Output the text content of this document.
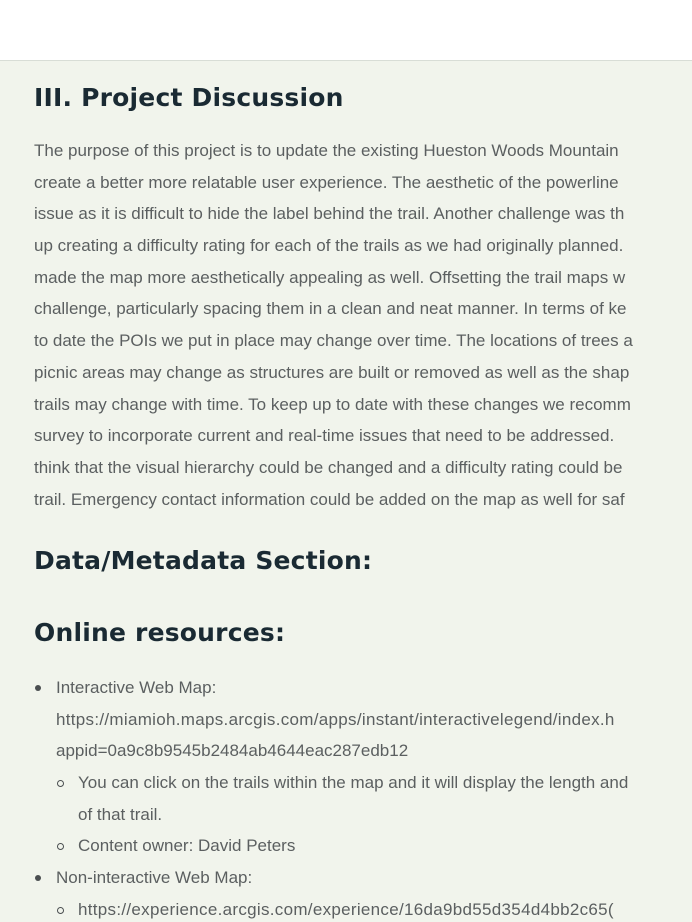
III. Project Discussion
The purpose of this project is to update the existing Hueston Woods Mountain
create a better more relatable user experience. The aesthetic of the powerline
issue as it is difficult to hide the label behind the trail. Another challenge was th
up creating a difficulty rating for each of the trails as we had originally planned.
made the map more aesthetically appealing as well. Offsetting the trail maps w
challenge, particularly spacing them in a clean and neat manner. In terms of ke
to date the POIs we put in place may change over time. The locations of trees a
picnic areas may change as structures are built or removed as well as the shap
trails may change with time. To keep up to date with these changes we recomm
survey to incorporate current and real-time issues that need to be addressed.
think that the visual hierarchy could be changed and a difficulty rating could be
trail. Emergency contact information could be added on the map as well for saf
Data/Metadata Section:
Online resources:
Interactive Web Map:
https://miamioh.maps.arcgis.com/apps/instant/interactivelegend/index.h
appid=0a9c8b9545b2484ab4644eac287edb12
You can click on the trails within the map and it will display the length and
of that trail.
Content owner: David Peters
Non-interactive Web Map:
https://experience.arcgis.com/experience/16da9bd55d354d4bb2c65(
